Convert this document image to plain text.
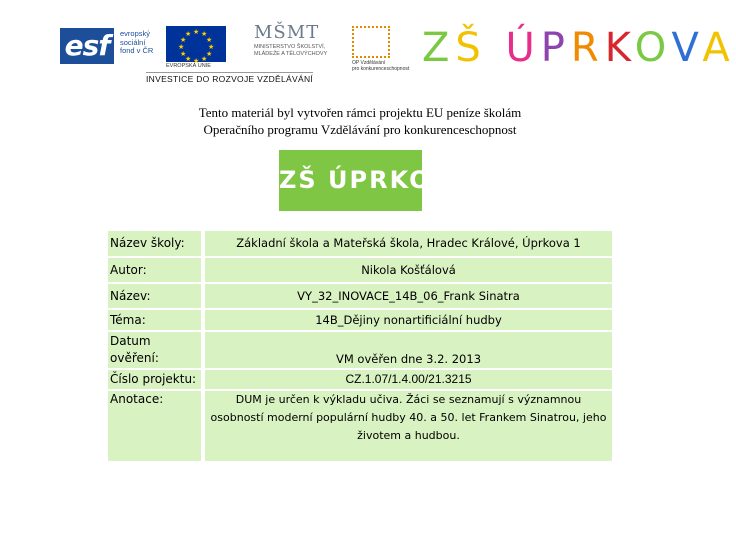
esf	evropský
sociální
fond v ČR
★ ★
★
★
★
★
★
★
★
★
★
★
EVROPSKÁ UNIE
MŠMT
MINISTERSTVO ŠKOLSTVÍ,
MLÁDEŽE A TĚLOVÝCHOVY
OP Vzdělávání
pro konkurenceschopnost
INVESTICE DO ROZVOJE VZDĚLÁVÁNÍ
ZŠ ÚPRKOVA
Tento materiál byl vytvořen rámci projektu EU peníze školám
Operačního programu Vzdělávání pro konkurenceschopnost
ZŠ ÚPRKOVA
Název školy:	Základní škola a Mateřská škola, Hradec Králové, Úprkova 1
Autor:	Nikola Košťálová
Název:	VY_32_INOVACE_14B_06_Frank Sinatra
Téma:	14B_Dějiny nonartificiální hudby
Datum ověření:	VM ověřen dne 3.2. 2013
Číslo projektu:	CZ.1.07/1.4.00/21.3215
Anotace:	DUM je určen k výkladu učiva. Žáci se seznamují s významnou osobností moderní populární hudby 40. a 50. let Frankem Sinatrou, jeho životem a hudbou.
